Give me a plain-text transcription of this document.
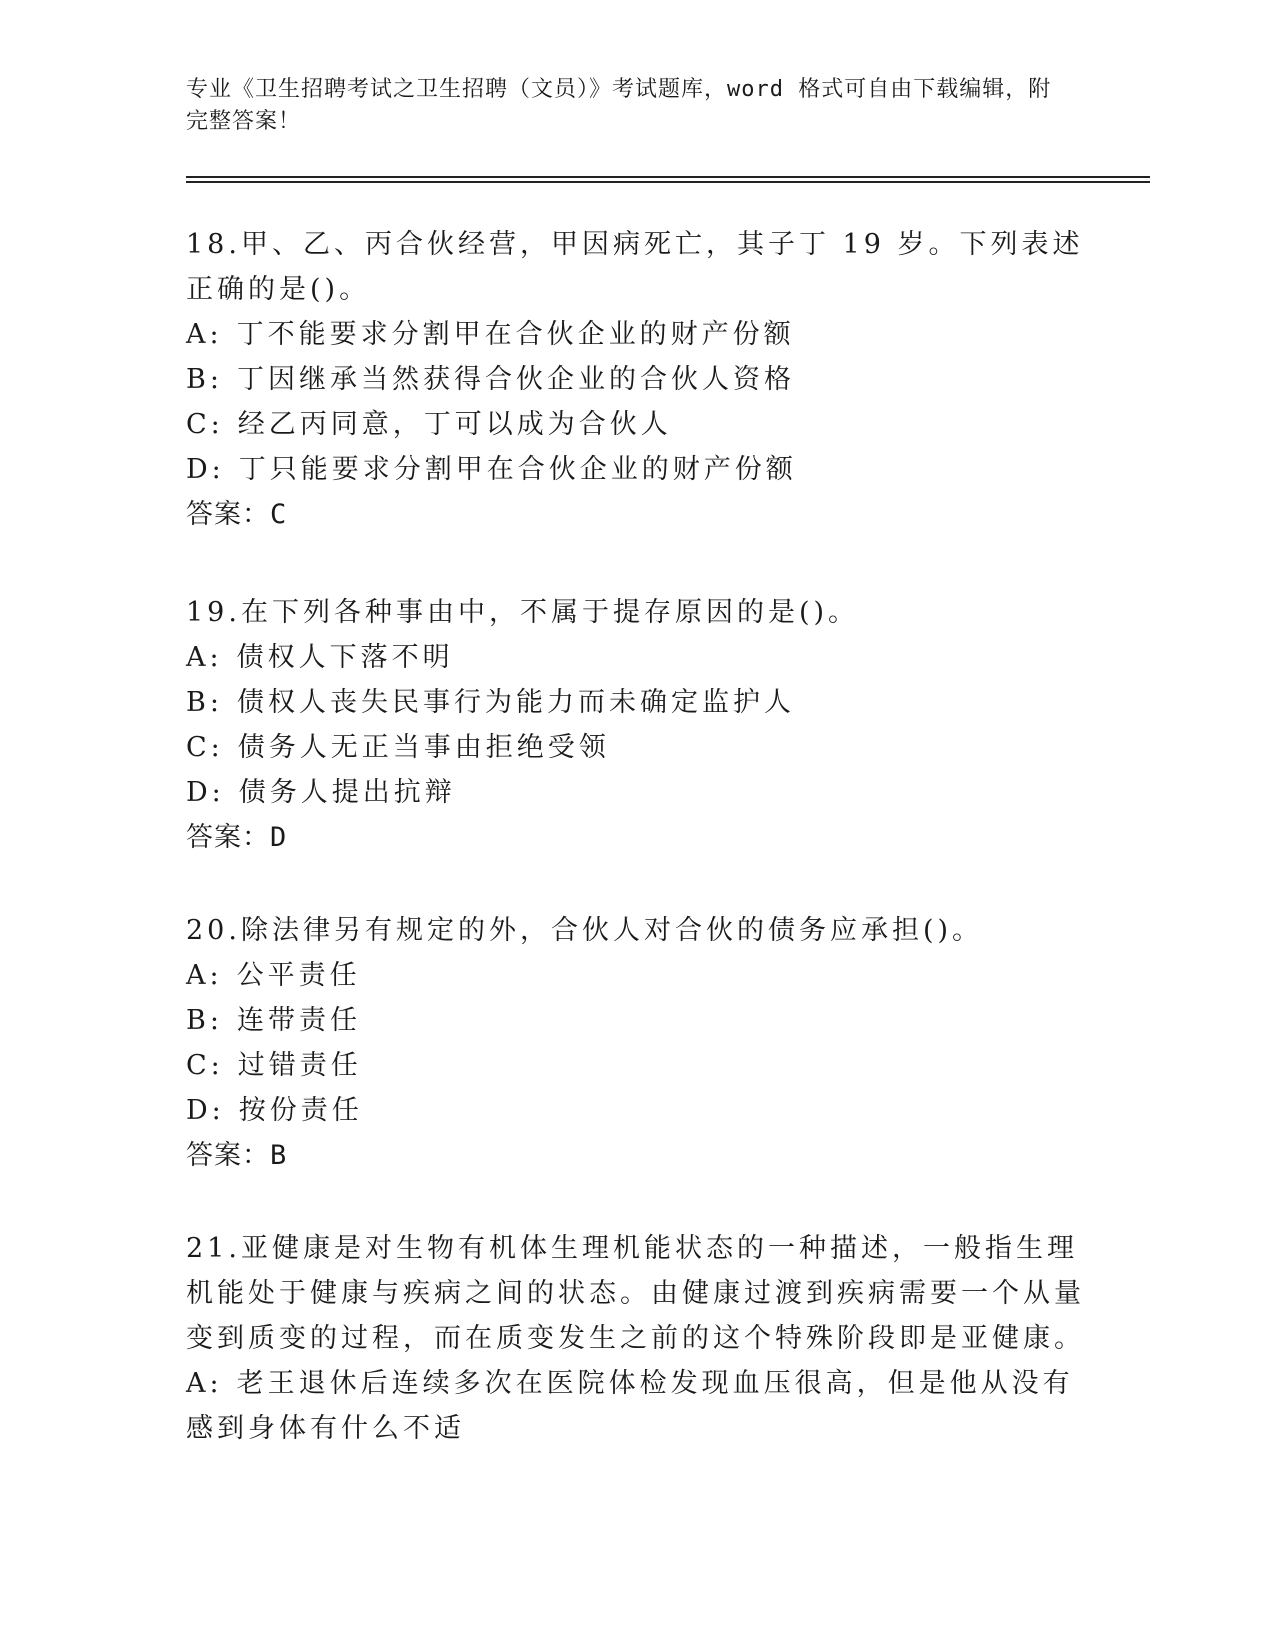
专业《卫生招聘考试之卫生招聘（文员）》考试题库，word 格式可自由下载编辑，附完整答案！

18.甲、乙、丙合伙经营，甲因病死亡，其子丁 19 岁。下列表述正确的是()。

A: 丁不能要求分割甲在合伙企业的财产份额

B: 丁因继承当然获得合伙企业的合伙人资格

C: 经乙丙同意，丁可以成为合伙人

D: 丁只能要求分割甲在合伙企业的财产份额

答案：C

19.在下列各种事由中，不属于提存原因的是()。

A: 债权人下落不明

B: 债权人丧失民事行为能力而未确定监护人

C: 债务人无正当事由拒绝受领

D: 债务人提出抗辩

答案：D

20.除法律另有规定的外，合伙人对合伙的债务应承担()。

A: 公平责任

B: 连带责任

C: 过错责任

D: 按份责任

答案：B

21.亚健康是对生物有机体生理机能状态的一种描述，一般指生理机能处于健康与疾病之间的状态。由健康过渡到疾病需要一个从量变到质变的过程，而在质变发生之前的这个特殊阶段即是亚健康。

A: 老王退休后连续多次在医院体检发现血压很高，但是他从没有感到身体有什么不适
